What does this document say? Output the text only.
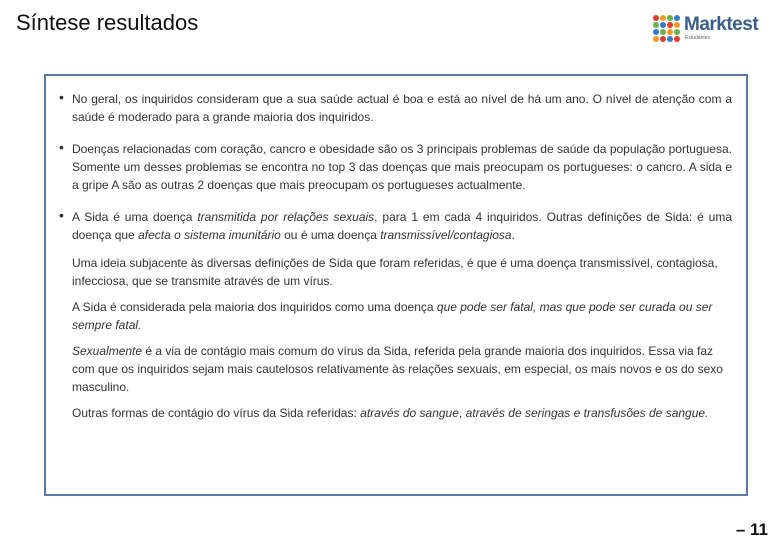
Síntese resultados	Marktest
Estudantes
• No geral, os inquiridos consideram que a sua saúde actual é boa e está ao nível de há um ano. O nível de atenção com a saúde é moderado para a grande maioria dos inquiridos.
• Doenças relacionadas com coração, cancro e obesidade são os 3 principais problemas de saúde da população portuguesa. Somente um desses problemas se encontra no top 3 das doenças que mais preocupam os portugueses: o cancro. A sida e a gripe A são as outras 2 doenças que mais preocupam os portugueses actualmente.
• A Sida é uma doença transmitida por relações sexuais, para 1 em cada 4 inquiridos. Outras definições de Sida: é uma doença que afecta o sistema imunitário ou é uma doença transmissível/contagiosa.
Uma ideia subjacente às diversas definições de Sida que foram referidas, é que é uma doença transmissível, contagiosa, infecciosa, que se transmite através de um vírus.
A Sida é considerada pela maioria dos inquiridos como uma doença que pode ser fatal, mas que pode ser curada ou ser sempre fatal.
Sexualmente é a via de contágio mais comum do vírus da Sida, referida pela grande maioria dos inquiridos. Essa via faz com que os inquiridos sejam mais cautelosos relativamente às relações sexuais, em especial, os mais novos e os do sexo masculino.
Outras formas de contágio do vírus da Sida referidas: através do sangue, através de seringas e transfusões de sangue.
– 11
